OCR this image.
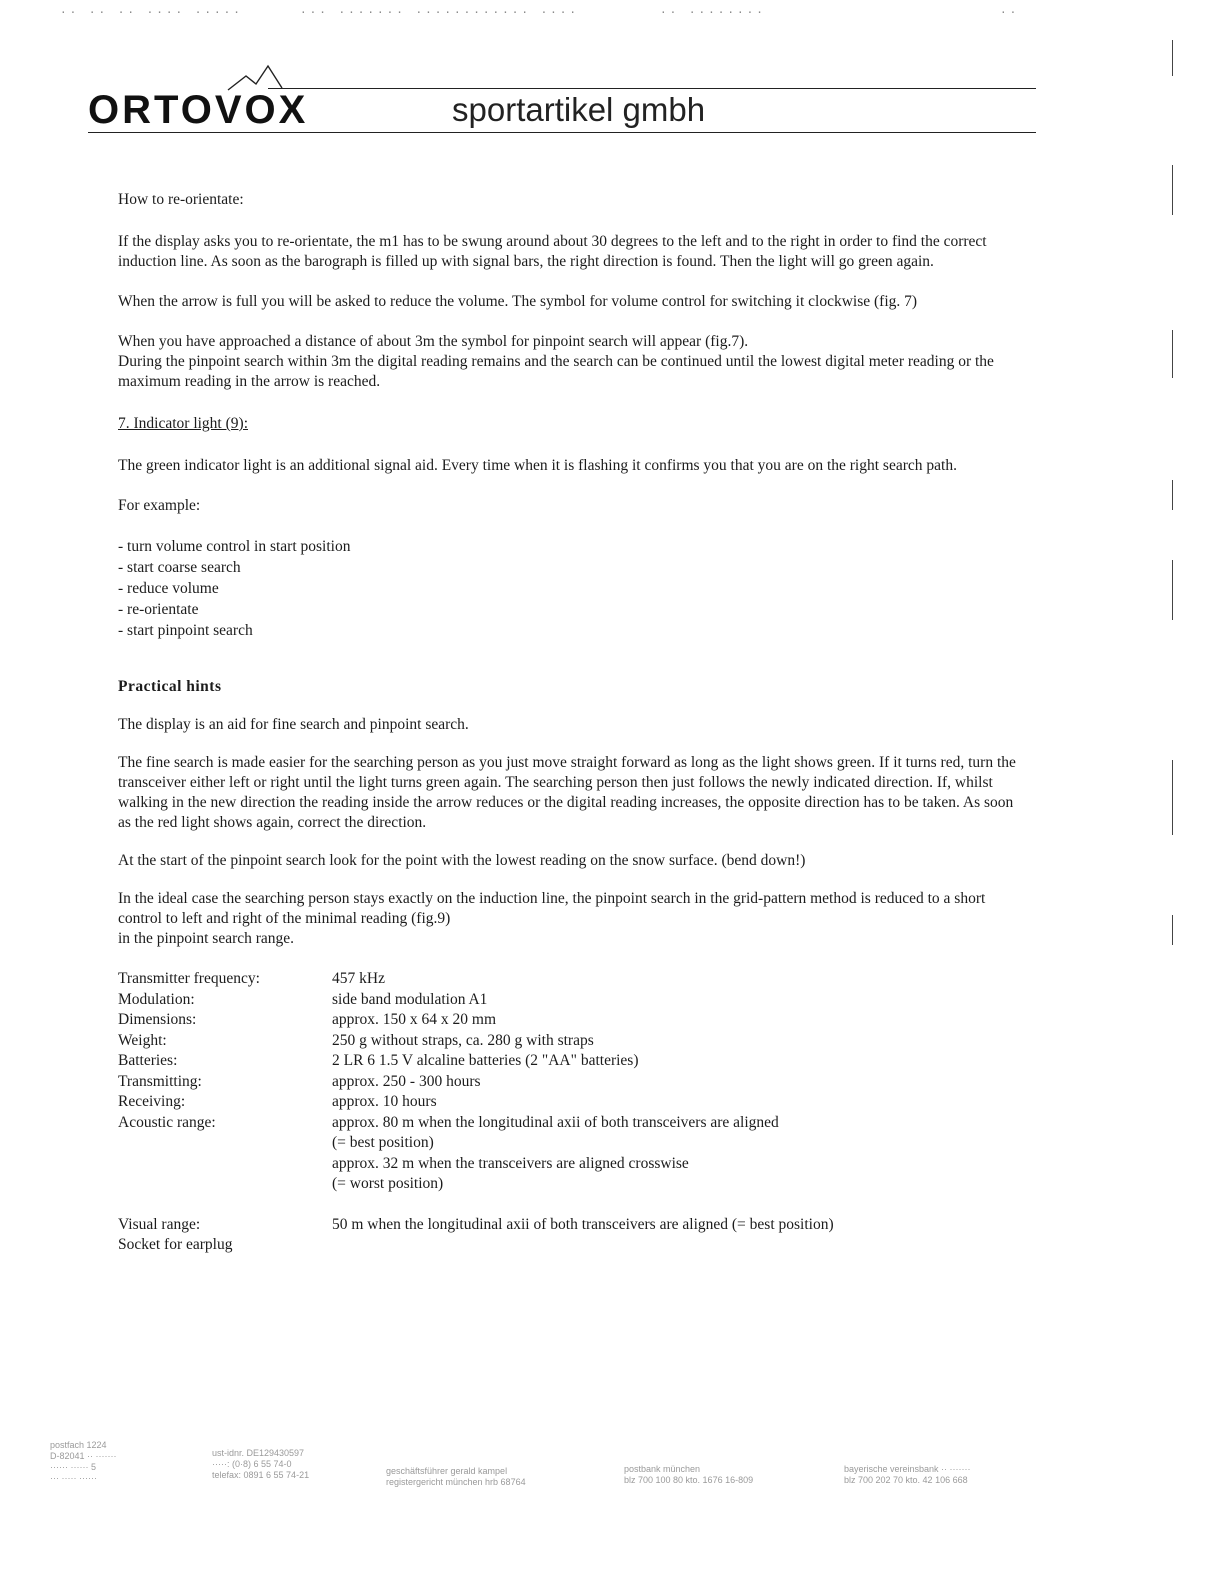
·· ·· ·· ···· ·····	··· ······· ············ ····	·· ········	··
ORTOVOX	sportartikel gmbh

How to re-orientate:

If the display asks you to re-orientate, the m1 has to be swung around about 30 degrees to the left and to the right in order to find the correct induction line. As soon as the barograph is filled up with signal bars, the right direction is found. Then the light will go green again.

When the arrow is full you will be asked to reduce the volume. The symbol for volume control for switching it clockwise (fig. 7)

When you have approached a distance of about 3m the symbol for pinpoint search will appear (fig.7).
During the pinpoint search within 3m the digital reading remains and the search can be continued until the lowest digital meter reading or the maximum reading in the arrow is reached.

7. Indicator light (9):

The green indicator light is an additional signal aid. Every time when it is flashing it confirms you that you are on the right search path.

For example:

- turn volume control in start position
- start coarse search
- reduce volume
- re-orientate
- start pinpoint search

Practical hints

The display is an aid for fine search and pinpoint search.

The fine search is made easier for the searching person as you just move straight forward as long as the light shows green. If it turns red, turn the transceiver either left or right until the light turns green again. The searching person then just follows the newly indicated direction. If, whilst walking in the new direction the reading inside the arrow reduces or the digital reading increases, the opposite direction has to be taken. As soon as the red light shows again, correct the direction.

At the start of the pinpoint search look for the point with the lowest reading on the snow surface. (bend down!)

In the ideal case the searching person stays exactly on the induction line, the pinpoint search in the grid-pattern method is reduced to a short control to left and right of the minimal reading (fig.9)
in the pinpoint search range.

Transmitter frequency:	457 kHz
Modulation:	side band modulation A1
Dimensions:	approx. 150 x 64 x 20 mm
Weight:	250 g without straps, ca. 280 g with straps
Batteries:	2 LR 6 1.5 V alcaline batteries (2 "AA" batteries)
Transmitting:	approx. 250 - 300 hours
Receiving:	approx. 10 hours
Acoustic range:	approx. 80 m when the longitudinal axii of both transceivers are aligned
(= best position)
approx. 32 m when the transceivers are aligned crosswise
(= worst position)
Visual range:	50 m when the longitudinal axii of both transceivers are aligned (= best position)
Socket for earplug
postfach 1224
D-82041 ·· ·······
······ ······ 5
··· ····· ······
ust-idnr. DE129430597
·····: (0·8) 6 55 74-0
telefax: 0891 6 55 74-21	geschäftsführer gerald kampel
registergericht münchen hrb 68764
postbank münchen
blz 700 100 80 kto. 1676 16-809
bayerische vereinsbank ·· ·······
blz 700 202 70 kto. 42 106 668
